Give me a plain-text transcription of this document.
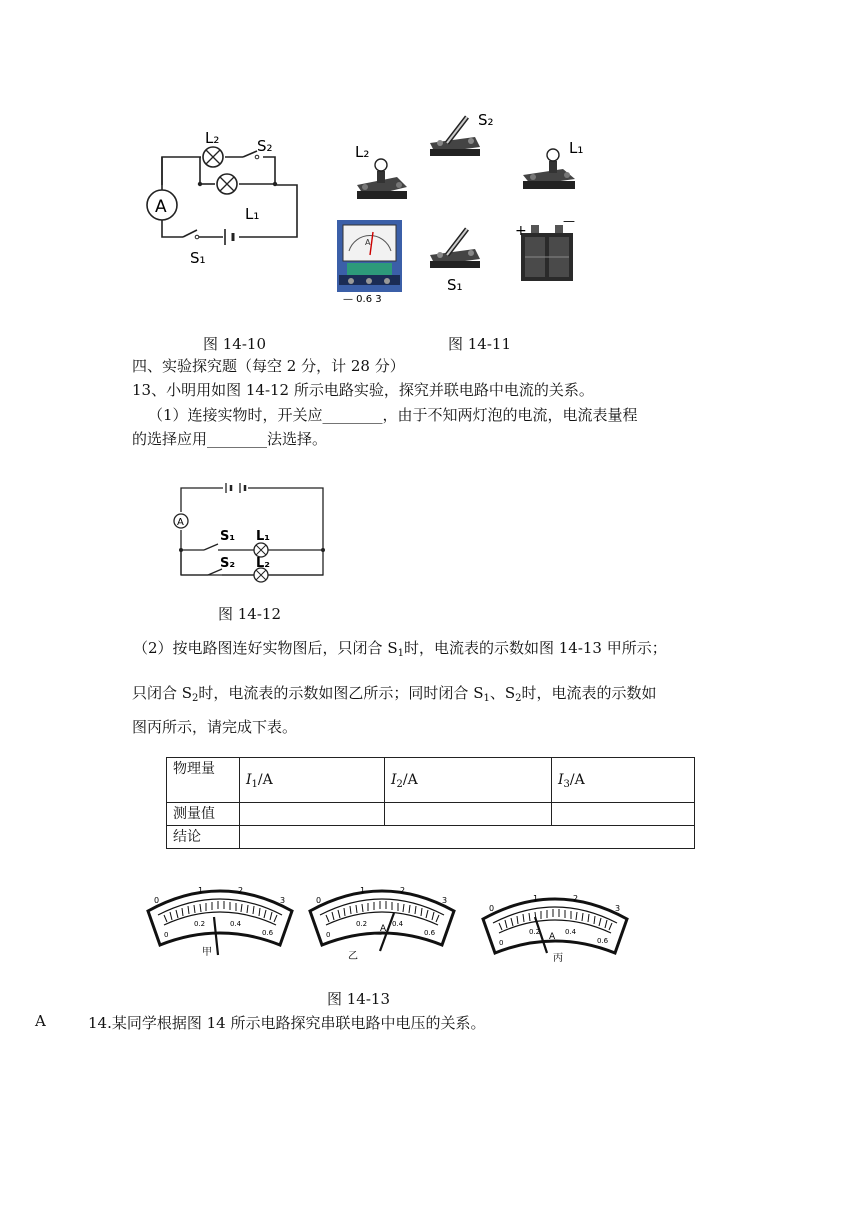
A
L₂	S₂
L₁
S₁
L₂
S₂
L₁
A
— 0.6 3
S₁
+
—
图 14-10	图 14-11
四、实验探究题（每空 2 分，计 28 分）
13、小明用如图 14-12 所示电路实验，探究并联电路中电流的关系。
（1）连接实物时，开关应________，由于不知两灯泡的电流，电流表量程
的选择应用________法选择。
A
S₁ L₁
S₂ L₂
图 14-12
（2）按电路图连好实物图后，只闭合 $S_1$时，电流表的示数如图 14-13 甲所示；
只闭合 $S_2$时，电流表的示数如图乙所示；同时闭合 $S_1$、$S_2$时，电流表的示数如
图丙所示，请完成下表。
物理量	$I_1/A$	$I_2/A$	$I_3/A$
测量值			
结论			
0
1	2
3
0
0.2	0.4
0.6
甲
0
1	2
3
0
0.2	0.4
0.6
A
乙
0
1	2
3
0
0.2	0.4
0.6
A
丙
图 14-13
A	14.某同学根据图 14 所示电路探究串联电路中电压的关系。
